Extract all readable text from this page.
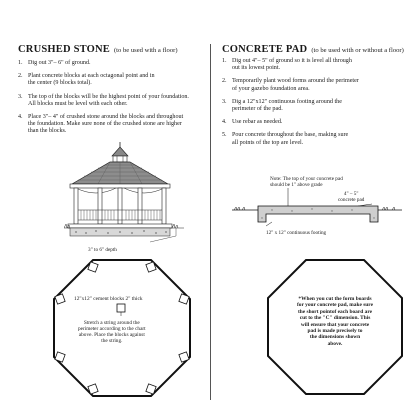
CRUSHED STONE (to be used with a floor)
1. Dig out 3"– 6" of ground.
2. Plant concrete blocks at each octagonal point and in
the center (9 blocks total).
3. The top of the blocks will be the highest point of your foundation.
All blocks must be level with each other.
4. Place 3"– 4" of crushed stone around the blocks and throughout
the foundation. Make sure none of the crushed stone are higher
than the blocks.
3" to 6" depth
12"x12" cement blocks 2" thick
Stretch a string around the
perimeter according to the chart
above. Place the blocks against
the string.
CONCRETE PAD (to be used with or without a floor)
1. Dig out 4"– 5" of ground so it is level all through
out its lowest point.
2. Temporarily plant wood forms around the perimeter
of your gazebo foundation area.
3. Dig a 12"x12" continuous footing around the
perimeter of the pad.
4. Use rebar as needed.
5. Pour concrete throughout the base, making sure
all points of the top are level.
Note: The top of your concrete pad
should be 1" above grade
4" – 5"
concrete pad
12" x 12" continuous footing
*When you cut the form boards
for your concrete pad, make sure
the short pointof each board are
cut to the "C" dimension. This
will ensure that your concrete
pad is made precisely to
the dimensions shown
above.
